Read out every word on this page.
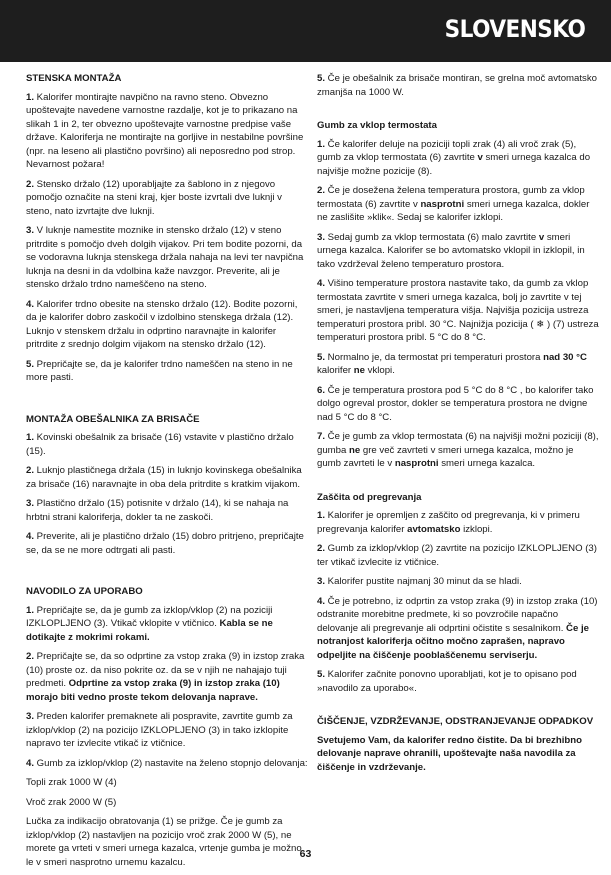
SLOVENSKO
STENSKA MONTAŽA

1. Kalorifer montirajte navpično na ravno steno. Obvezno upoštevajte navedene varnostne razdalje, kot je to prikazano na slikah 1 in 2, ter obvezno upoštevajte varnostne predpise vaše države. Kaloriferja ne montirajte na gorljive in nestabilne površine (npr. na leseno ali plastično površino) ali neposredno pod strop. Nevarnost požara!

2. Stensko držalo (12) uporabljajte za šablono in z njegovo pomočjo označite na steni kraj, kjer boste izvrtali dve luknji v steno, nato izvrtajte dve luknji.

3. V luknje namestite moznike in stensko držalo (12) v steno pritrdite s pomočjo dveh dolgih vijakov. Pri tem bodite pozorni, da se vodoravna luknja stenskega držala nahaja na levi ter navpična luknja na desni in da vdolbina kaže navzgor. Preverite, ali je stensko držalo trdno nameščeno na steno.

4. Kalorifer trdno obesite na stensko držalo (12). Bodite pozorni, da je kalorifer dobro zaskočil v izdolbino stenskega držala (12). Luknjo v stenskem držalu in odprtino naravnajte in kalorifer pritrdite z srednjo dolgim vijakom na stensko držalo (12).

5. Prepričajte se, da je kalorifer trdno nameščen na steno in ne more pasti.

MONTAŽA OBEŠALNIKA ZA BRISAČE

1. Kovinski obešalnik za brisače (16) vstavite v plastično držalo (15).

2. Luknjo plastičnega držala (15) in luknjo kovinskega obešalnika za brisače (16) naravnajte in oba dela pritrdite s kratkim vijakom.

3. Plastično držalo (15) potisnite v držalo (14), ki se nahaja na hrbtni strani kaloriferja, dokler ta ne zaskoči.

4. Preverite, ali je plastično držalo (15) dobro pritrjeno, prepričajte se, da se ne more odtrgati ali pasti.

NAVODILO ZA UPORABO

1. Prepričajte se, da je gumb za izklop/vklop (2) na poziciji IZKLOPLJENO (3). Vtikač vklopite v vtičnico. Kabla se ne dotikajte z mokrimi rokami.

2. Prepričajte se, da so odprtine za vstop zraka (9) in izstop zraka (10) proste oz. da niso pokrite oz. da se v njih ne nahajajo tuji predmeti. Odprtine za vstop zraka (9) in izstop zraka (10) morajo biti vedno proste tekom delovanja naprave.

3. Preden kalorifer premaknete ali pospravite, zavrtite gumb za izklop/vklop (2) na pozicijo IZKLOPLJENO (3) in tako izklopite napravo ter izvlecite vtikač iz vtičnice.

4. Gumb za izklop/vklop (2) nastavite na želeno stopnjo delovanja:

Topli zrak 1000 W (4)

Vroč zrak 2000 W (5)

Lučka za indikacijo obratovanja (1) se prižge. Če je gumb za izklop/vklop (2) nastavljen na pozicijo vroč zrak 2000 W (5), ne morete ga vrteti v smeri urnega kazalca, vrtenje gumba je možno le v smeri nasprotno urnemu kazalcu.

5. Če je obešalnik za brisače montiran, se grelna moč avtomatsko zmanjša na 1000 W.

Gumb za vklop termostata

1. Če kalorifer deluje na poziciji topli zrak (4) ali vroč zrak (5), gumb za vklop termostata (6) zavrtite v smeri urnega kazalca do najvišje možne pozicije (8).

2. Če je dosežena želena temperatura prostora, gumb za vklop termostata (6) zavrtite v nasprotni smeri urnega kazalca, dokler ne zaslišite »klik«. Sedaj se kalorifer izklopi.

3. Sedaj gumb za vklop termostata (6) malo zavrtite v smeri urnega kazalca. Kalorifer se bo avtomatsko vklopil in izklopil, in tako vzdrževal želeno temperaturo prostora.

4. Višino temperature prostora nastavite tako, da gumb za vklop termostata zavrtite v smeri urnega kazalca, bolj jo zavrtite v tej smeri, je nastavljena temperatura višja. Najvišja pozicija ustreza temperaturi prostora pribl. 30 °C. Najnižja pozicija ( ❄ ) (7) ustreza temperaturi prostora pribl. 5 °C do 8 °C.

5. Normalno je, da termostat pri temperaturi prostora nad 30 °C kalorifer ne vklopi.

6. Če je temperatura prostora pod 5 °C do 8 °C , bo kalorifer tako dolgo ogreval prostor, dokler se temperatura prostora ne dvigne nad 5 °C do 8 °C.

7. Če je gumb za vklop termostata (6) na najvišji možni poziciji (8), gumba ne gre več zavrteti v smeri urnega kazalca, možno je gumb zavrteti le v nasprotni smeri urnega kazalca.

Zaščita od pregrevanja

1. Kalorifer je opremljen z zaščito od pregrevanja, ki v primeru pregrevanja kalorifer avtomatsko izklopi.

2. Gumb za izklop/vklop (2) zavrtite na pozicijo IZKLOPLJENO (3) ter vtikač izvlecite iz vtičnice.

3. Kalorifer pustite najmanj 30 minut da se hladi.

4. Če je potrebno, iz odprtin za vstop zraka (9) in izstop zraka (10) odstranite morebitne predmete, ki so povzročile napačno delovanje ali pregrevanje ali odprtini očistite s sesalnikom. Če je notranjost kaloriferja očitno močno zaprašen, napravo odpeljite na čiščenje pooblaščenemu serviserju.

5. Kalorifer začnite ponovno uporabljati, kot je to opisano pod »navodilo za uporabo«.

ČIŠČENJE, VZDRŽEVANJE, ODSTRANJEVANJE ODPADKOV

Svetujemo Vam, da kalorifer redno čistite. Da bi brezhibno delovanje naprave ohranili, upoštevajte naša navodila za čiščenje in vzdrževanje.

63
